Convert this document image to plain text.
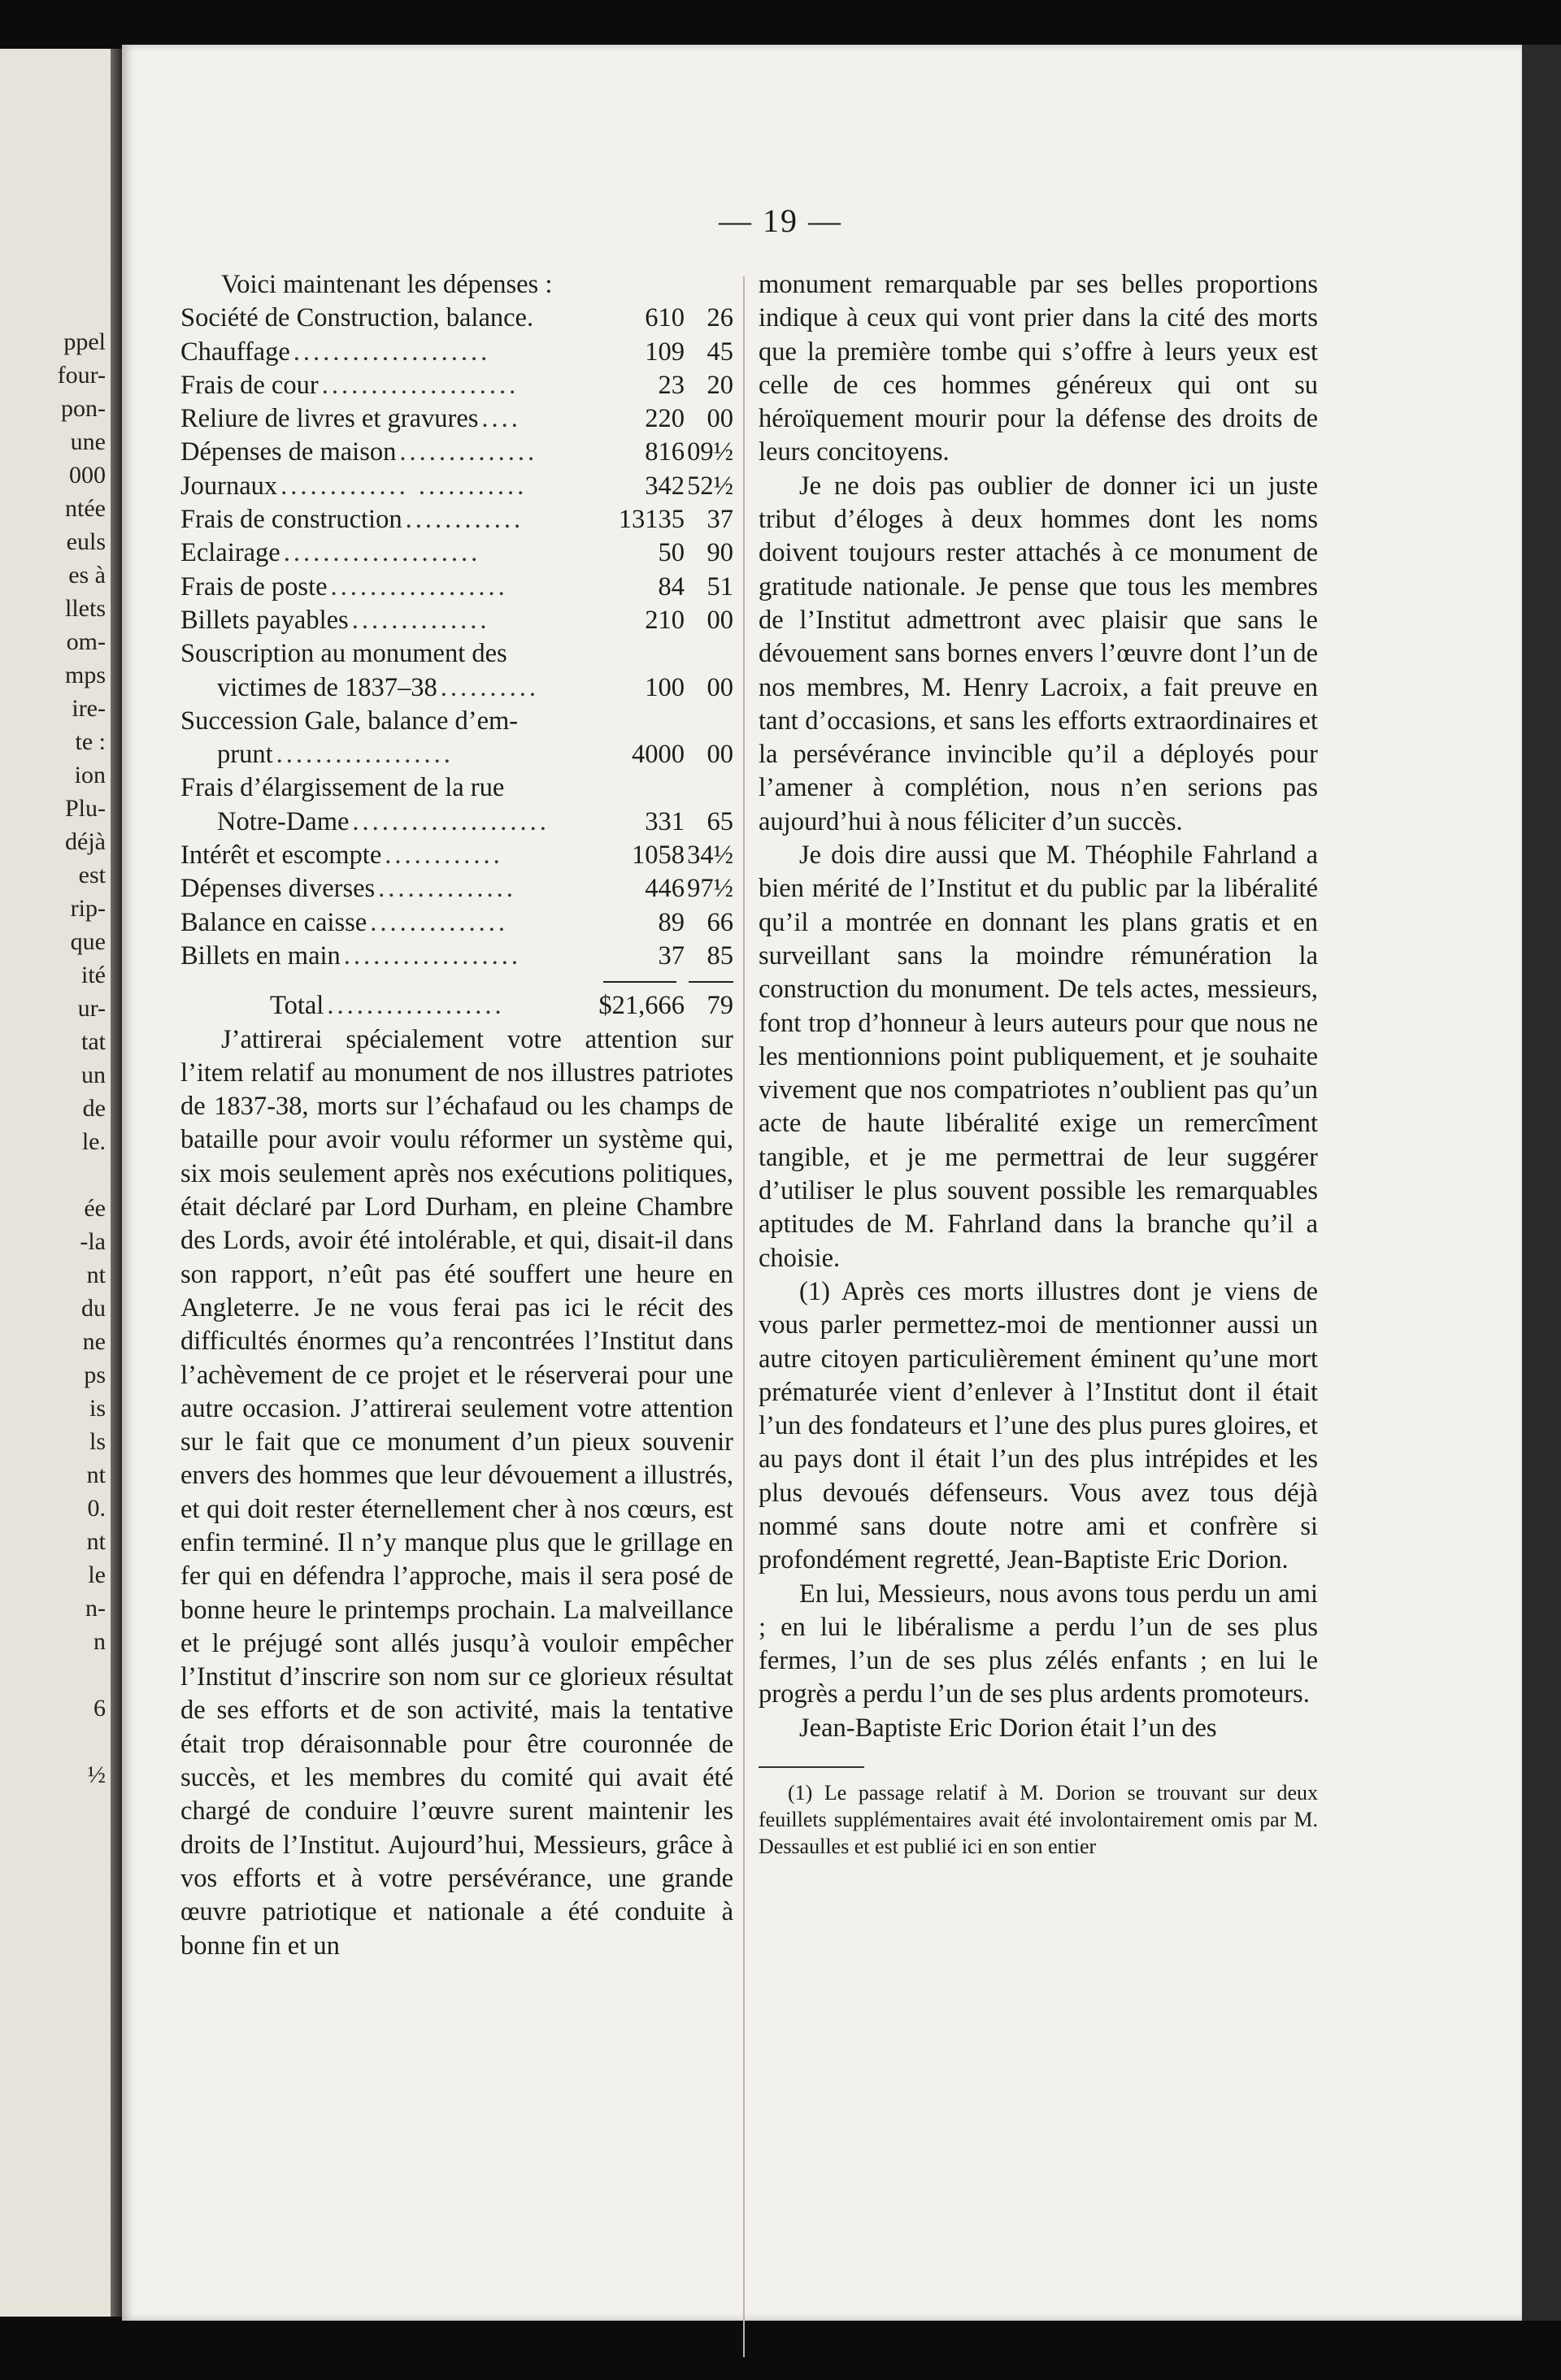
ppel
four-
pon-
une
000
ntée
euls
es à
llets
om-
mps
ire-
te :
ion
Plu-
déjà
est
rip-
que
ité
ur-
tat
un
de
le.
ée
-la
nt
du
ne
ps
is
ls
nt
0.
nt
le
n-
n
6
½
— 19 —

Voici maintenant les dépenses :

Société de Construction, balance.	610 26
Chauffage ....................	109 45
Frais de cour ....................	23 20
Reliure de livres et gravures ....	220 00
Dépenses de maison ..............	816 09½
Journaux ............. ...........	342 52½
Frais de construction ............	13135 37
Eclairage ....................	50 90
Frais de poste ..................	84 51
Billets payables ..............	210 00
Souscription au monument des
victimes de 1837–38 ..........	100 00
Succession Gale, balance d’em-
prunt ..................	4000 00
Frais d’élargissement de la rue
Notre-Dame ....................	331 65
Intérêt et escompte ............	1058 34½
Dépenses diverses ..............	446 97½
Balance en caisse ..............	89 66
Billets en main ..................	37 85
Total ..................	$21,666 79

J’attirerai spécialement votre attention sur l’item relatif au monument de nos illustres patriotes de 1837-38, morts sur l’échafaud ou les champs de bataille pour avoir voulu réformer un système qui, six mois seulement après nos exécutions politiques, était déclaré par Lord Durham, en pleine Chambre des Lords, avoir été intolérable, et qui, disait-il dans son rapport, n’eût pas été souffert une heure en Angleterre. Je ne vous ferai pas ici le récit des difficultés énormes qu’a rencontrées l’Institut dans l’achèvement de ce projet et le réserverai pour une autre occasion. J’attirerai seulement votre attention sur le fait que ce monument d’un pieux souvenir envers des hommes que leur dévouement a illustrés, et qui doit rester éternellement cher à nos cœurs, est enfin terminé. Il n’y manque plus que le grillage en fer qui en défendra l’approche, mais il sera posé de bonne heure le printemps prochain. La malveillance et le préjugé sont allés jusqu’à vouloir empêcher l’Institut d’inscrire son nom sur ce glorieux résultat de ses efforts et de son activité, mais la tentative était trop déraisonnable pour être couronnée de succès, et les membres du comité qui avait été chargé de conduire l’œuvre surent maintenir les droits de l’Institut. Aujourd’hui, Messieurs, grâce à vos efforts et à votre persévérance, une grande œuvre patriotique et nationale a été conduite à bonne fin et un

monument remarquable par ses belles proportions indique à ceux qui vont prier dans la cité des morts que la première tombe qui s’offre à leurs yeux est celle de ces hommes généreux qui ont su héroïquement mourir pour la défense des droits de leurs concitoyens.

Je ne dois pas oublier de donner ici un juste tribut d’éloges à deux hommes dont les noms doivent toujours rester attachés à ce monument de gratitude nationale. Je pense que tous les membres de l’Institut admettront avec plaisir que sans le dévouement sans bornes envers l’œuvre dont l’un de nos membres, M. Henry Lacroix, a fait preuve en tant d’occasions, et sans les efforts extraordinaires et la persévérance invincible qu’il a déployés pour l’amener à complétion, nous n’en serions pas aujourd’hui à nous féliciter d’un succès.

Je dois dire aussi que M. Théophile Fahrland a bien mérité de l’Institut et du public par la libéralité qu’il a montrée en donnant les plans gratis et en surveillant sans la moindre rémunération la construction du monument. De tels actes, messieurs, font trop d’honneur à leurs auteurs pour que nous ne les mentionnions point publiquement, et je souhaite vivement que nos compatriotes n’oublient pas qu’un acte de haute libéralité exige un remercîment tangible, et je me permettrai de leur suggérer d’utiliser le plus souvent possible les remarquables aptitudes de M. Fahrland dans la branche qu’il a choisie.

(1) Après ces morts illustres dont je viens de vous parler permettez-moi de mentionner aussi un autre citoyen particulièrement éminent qu’une mort prématurée vient d’enlever à l’Institut dont il était l’un des fondateurs et l’une des plus pures gloires, et au pays dont il était l’un des plus intrépides et les plus devoués défenseurs. Vous avez tous déjà nommé sans doute notre ami et confrère si profondément regretté, Jean-Baptiste Eric Dorion.

En lui, Messieurs, nous avons tous perdu un ami ; en lui le libéralisme a perdu l’un de ses plus fermes, l’un de ses plus zélés enfants ; en lui le progrès a perdu l’un de ses plus ardents promoteurs.

Jean-Baptiste Eric Dorion était l’un des

(1) Le passage relatif à M. Dorion se trouvant sur deux feuillets supplémentaires avait été involontairement omis par M. Dessaulles et est publié ici en son entier
